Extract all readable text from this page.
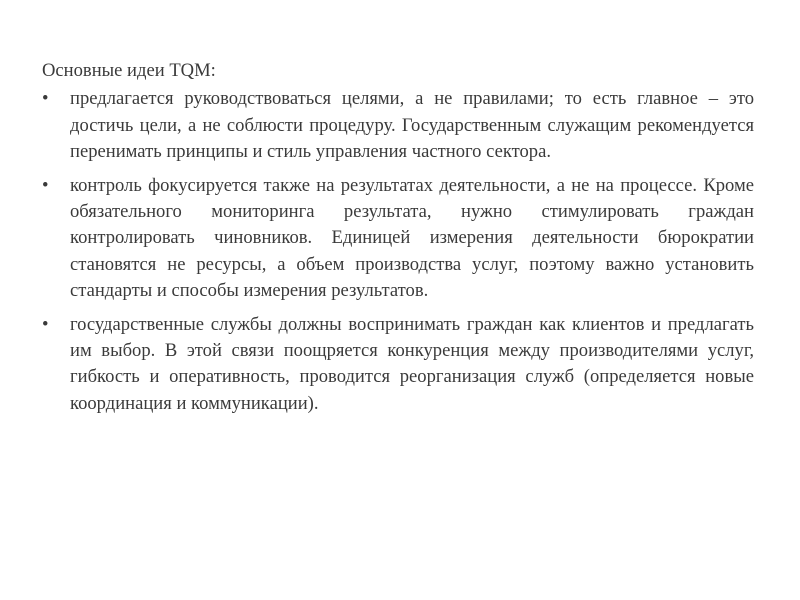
Основные идеи TQM:

•	предлагается руководствоваться целями, а не правилами; то есть главное – это достичь цели, а не соблюсти процедуру. Государственным служащим рекомендуется перенимать принципы и стиль управления частного сектора.
•	контроль фокусируется также на результатах деятельности, а не на процессе. Кроме обязательного мониторинга результата, нужно стимулировать граждан контролировать чиновников. Единицей измерения деятельности бюрократии становятся не ресурсы, а объем производства услуг, поэтому важно установить стандарты и способы измерения результатов.
•	государственные службы должны воспринимать граждан как клиентов и предлагать им выбор. В этой связи поощряется конкуренция между производителями услуг, гибкость и оперативность, проводится реорганизация служб (определяется новые координация и коммуникации).
